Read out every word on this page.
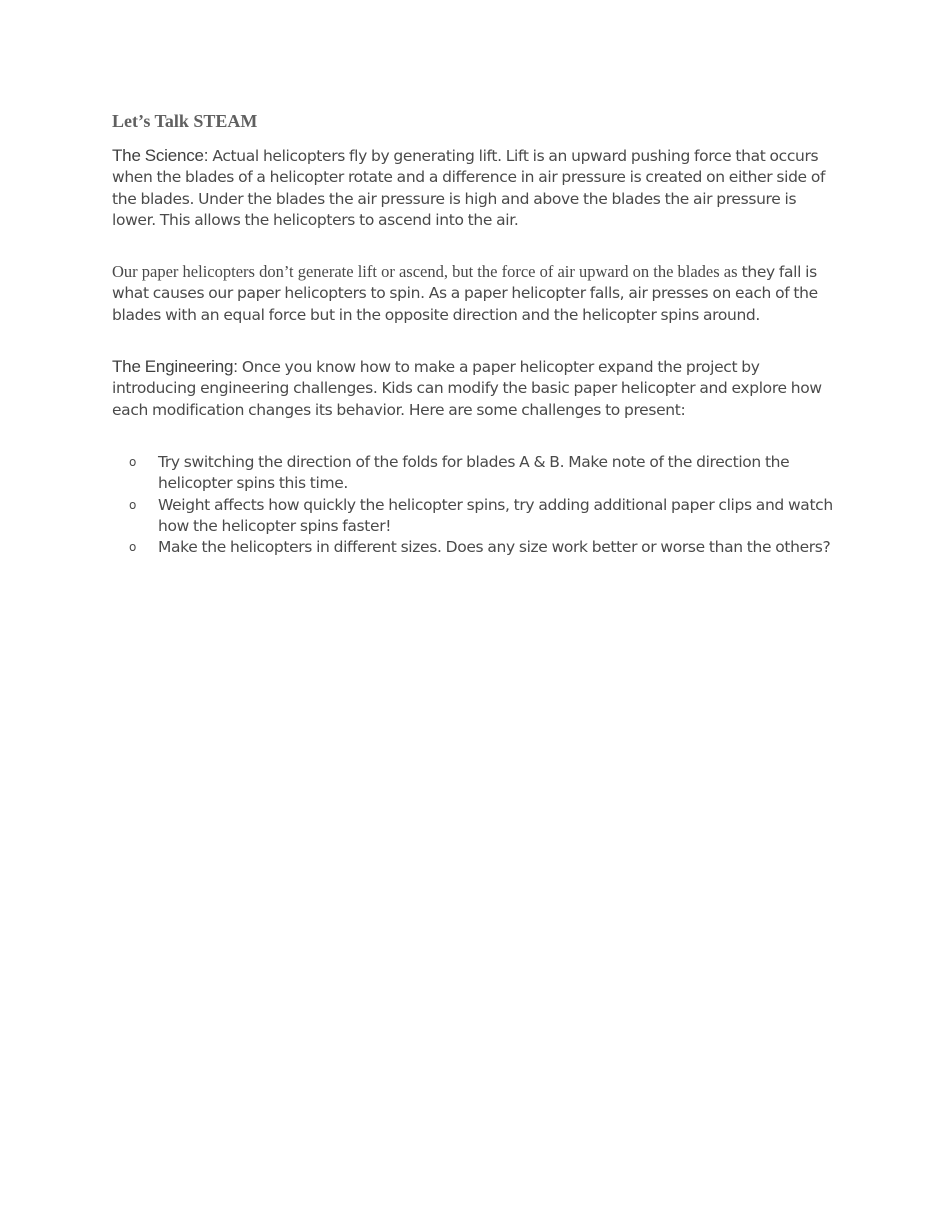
Let’s Talk STEAM

The Science: Actual helicopters fly by generating lift. Lift is an upward pushing force that occurs when the blades of a helicopter rotate and a difference in air pressure is created on either side of the blades. Under the blades the air pressure is high and above the blades the air pressure is lower. This allows the helicopters to ascend into the air.

Our paper helicopters don’t generate lift or ascend, but the force of air upward on the blades as they fall is what causes our paper helicopters to spin. As a paper helicopter falls, air presses on each of the blades with an equal force but in the opposite direction and the helicopter spins around.

The Engineering: Once you know how to make a paper helicopter expand the project by introducing engineering challenges. Kids can modify the basic paper helicopter and explore how each modification changes its behavior. Here are some challenges to present:

o Try switching the direction of the folds for blades A & B. Make note of the direction the helicopter spins this time.
o Weight affects how quickly the helicopter spins, try adding additional paper clips and watch how the helicopter spins faster!
o Make the helicopters in different sizes. Does any size work better or worse than the others?
